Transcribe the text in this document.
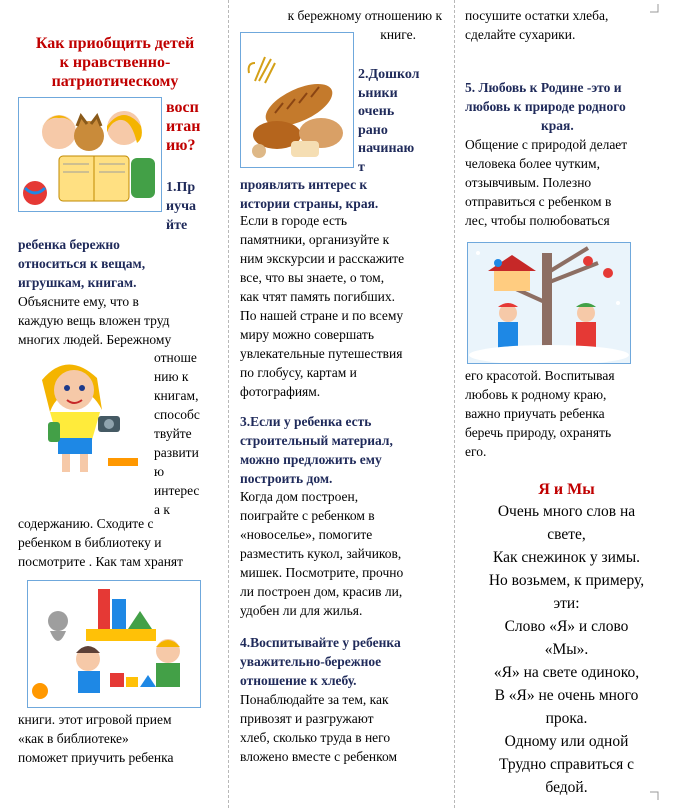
Как приобщить детей
к нравственно-
патриотическому
восп
итан
ию?
1.Пр
иуча
йте
ребенка бережно
относиться к вещам,
игрушкам, книгам.
Объясните ему, что в
каждую вещь вложен труд
многих людей. Бережному
отноше
нию к
книгам,
способс
твуйте
развити
ю
интерес
а к
содержанию. Сходите с
ребенком в библиотеку и
посмотрите . Как там хранят
книги. этот игровой прием
«как в библиотеке»
поможет приучить ребенка
к бережному отношению к
книге.
2.Дошкол
ьники
очень
рано
начинаю
т
проявлять интерес к
истории страны, края.
Если в городе есть
памятники, организуйте к
ним экскурсии и расскажите
все, что вы знаете, о том,
как чтят память погибших.
По нашей стране и по всему
миру можно совершать
увлекательные путешествия
по глобусу, картам и
фотографиям.
3.Если у ребенка есть
строительный материал,
можно предложить ему
построить дом.
Когда дом построен,
поиграйте с ребенком в
«новоселье», помогите
разместить кукол, зайчиков,
мишек. Посмотрите, прочно
ли построен дом, красив ли,
удобен ли для жилья.
4.Воспитывайте у ребенка
уважительно-бережное
отношение к хлебу.
Понаблюдайте за тем, как
привозят и разгружают
хлеб, сколько труда в него
вложено вместе с ребенком
посушите остатки хлеба,
сделайте сухарики.
5. Любовь к Родине -это и
любовь к природе родного
края.
Общение с природой делает
человека более чутким,
отзывчивым. Полезно
отправиться с ребенком в
лес, чтобы полюбоваться
его красотой. Воспитывая
любовь к родному краю,
важно приучать ребенка
беречь природу, охранять
его.
Я и Мы
Очень много слов на
свете,
Как снежинок у зимы.
Но возьмем, к примеру,
эти:
Слово «Я» и слово
«Мы».
«Я» на свете одиноко,
В «Я» не очень много
прока.
Одному или одной
Трудно справиться с
бедой.
